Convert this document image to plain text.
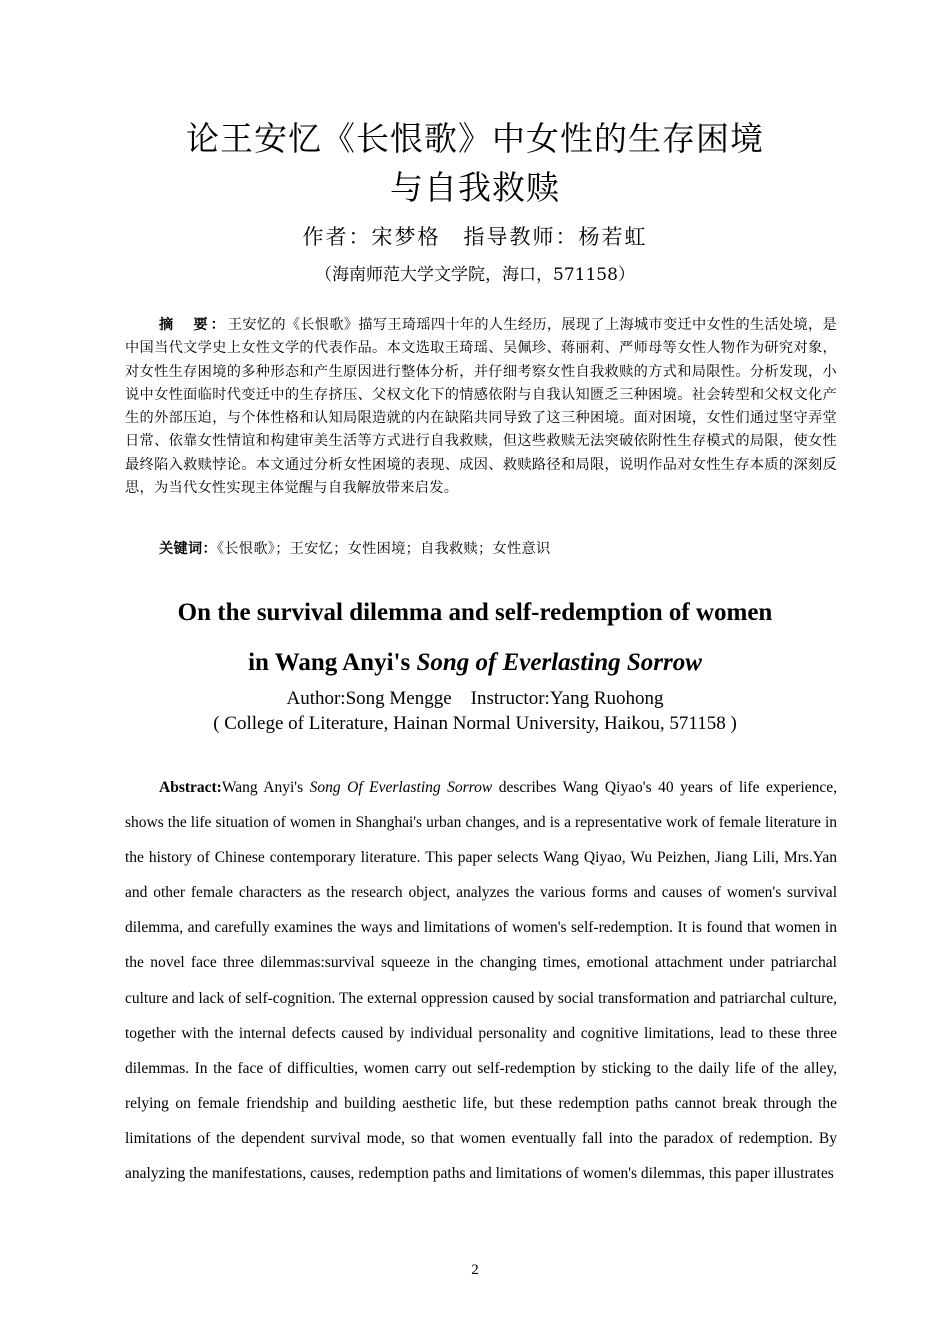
论王安忆《长恨歌》中女性的生存困境
与自我救赎
作者：宋梦格　指导教师：杨若虹
（海南师范大学文学院，海口，571158）

摘　要：王安忆的《长恨歌》描写王琦瑶四十年的人生经历，展现了上海城市变迁中女性的生活处境，是中国当代文学史上女性文学的代表作品。本文选取王琦瑶、吴佩珍、蒋丽莉、严师母等女性人物作为研究对象，对女性生存困境的多种形态和产生原因进行整体分析，并仔细考察女性自我救赎的方式和局限性。分析发现，小说中女性面临时代变迁中的生存挤压、父权文化下的情感依附与自我认知匮乏三种困境。社会转型和父权文化产生的外部压迫，与个体性格和认知局限造就的内在缺陷共同导致了这三种困境。面对困境，女性们通过坚守弄堂日常、依靠女性情谊和构建审美生活等方式进行自我救赎，但这些救赎无法突破依附性生存模式的局限，使女性最终陷入救赎悖论。本文通过分析女性困境的表现、成因、救赎路径和局限，说明作品对女性生存本质的深刻反思，为当代女性实现主体觉醒与自我解放带来启发。

关键词：《长恨歌》；王安忆；女性困境；自我救赎；女性意识

On the survival dilemma and self-redemption of women
in Wang Anyi's Song of Everlasting Sorrow
Author:Song Mengge    Instructor:Yang Ruohong
( College of Literature, Hainan Normal University, Haikou, 571158 )

Abstract:Wang Anyi's Song Of Everlasting Sorrow describes Wang Qiyao's 40 years of life experience, shows the life situation of women in Shanghai's urban changes, and is a representative work of female literature in the history of Chinese contemporary literature. This paper selects Wang Qiyao, Wu Peizhen, Jiang Lili, Mrs.Yan and other female characters as the research object, analyzes the various forms and causes of women's survival dilemma, and carefully examines the ways and limitations of women's self-redemption. It is found that women in the novel face three dilemmas:survival squeeze in the changing times, emotional attachment under patriarchal culture and lack of self-cognition. The external oppression caused by social transformation and patriarchal culture, together with the internal defects caused by individual personality and cognitive limitations, lead to these three dilemmas. In the face of difficulties, women carry out self-redemption by sticking to the daily life of the alley, relying on female friendship and building aesthetic life, but these redemption paths cannot break through the limitations of the dependent survival mode, so that women eventually fall into the paradox of redemption. By analyzing the manifestations, causes, redemption paths and limitations of women's dilemmas, this paper illustrates

2
